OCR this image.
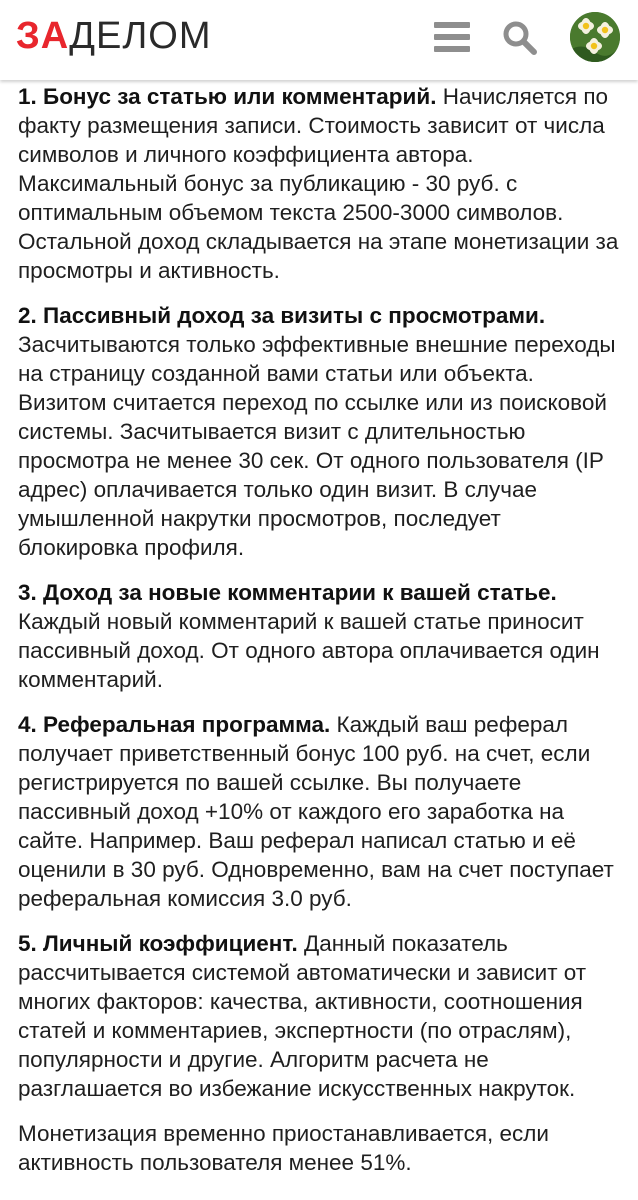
ЗАДЕЛОМ

1. Бонус за статью или комментарий. Начисляется по факту размещения записи. Стоимость зависит от числа символов и личного коэффициента автора. Максимальный бонус за публикацию - 30 руб. с оптимальным объемом текста 2500-3000 символов. Остальной доход складывается на этапе монетизации за просмотры и активность.

2. Пассивный доход за визиты с просмотрами. Засчитываются только эффективные внешние переходы на страницу созданной вами статьи или объекта. Визитом считается переход по ссылке или из поисковой системы. Засчитывается визит с длительностью просмотра не менее 30 сек. От одного пользователя (IP адрес) оплачивается только один визит. В случае умышленной накрутки просмотров, последует блокировка профиля.

3. Доход за новые комментарии к вашей статье. Каждый новый комментарий к вашей статье приносит пассивный доход. От одного автора оплачивается один комментарий.

4. Реферальная программа. Каждый ваш реферал получает приветственный бонус 100 руб. на счет, если регистрируется по вашей ссылке. Вы получаете пассивный доход +10% от каждого его заработка на сайте. Например. Ваш реферал написал статью и её оценили в 30 руб. Одновременно, вам на счет поступает реферальная комиссия 3.0 руб.

5. Личный коэффициент. Данный показатель рассчитывается системой автоматически и зависит от многих факторов: качества, активности, соотношения статей и комментариев, экспертности (по отраслям), популярности и другие. Алгоритм расчета не разглашается во избежание искусственных накруток.

Монетизация временно приостанавливается, если активность пользователя менее 51%.
